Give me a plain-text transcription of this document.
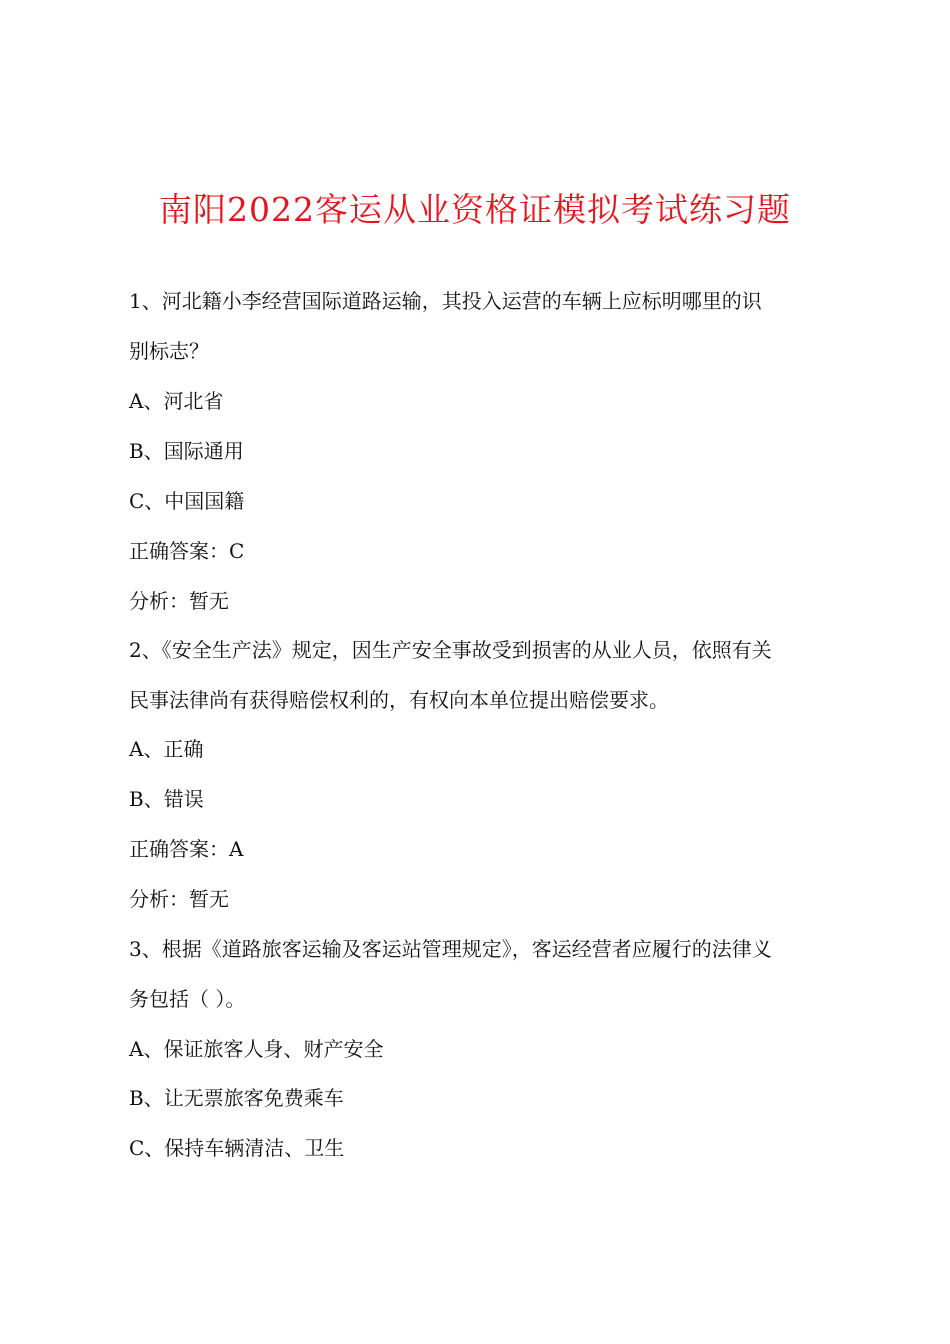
南阳2022客运从业资格证模拟考试练习题
1、河北籍小李经营国际道路运输，其投入运营的车辆上应标明哪里的识
别标志？
A、河北省
B、国际通用
C、中国国籍
正确答案：C
分析：暂无
2、《安全生产法》规定，因生产安全事故受到损害的从业人员，依照有关
民事法律尚有获得赔偿权利的，有权向本单位提出赔偿要求。
A、正确
B、错误
正确答案：A
分析：暂无
3、根据《道路旅客运输及客运站管理规定》，客运经营者应履行的法律义
务包括（ ）。
A、保证旅客人身、财产安全
B、让无票旅客免费乘车
C、保持车辆清洁、卫生
